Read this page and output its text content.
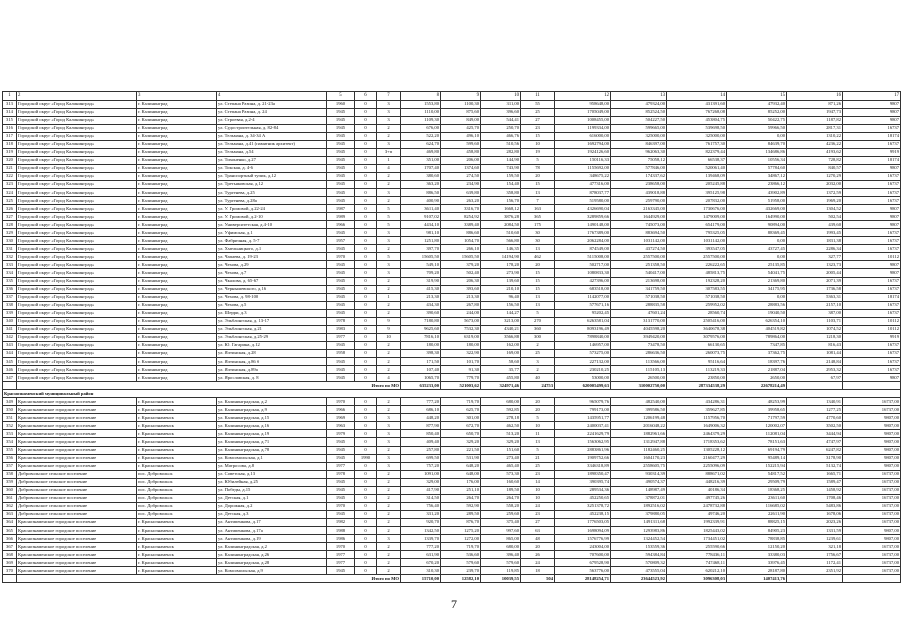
1	2	3	4	5	6	7	8	9	10	11	12	13	14	15	16	17
313	Городской округ «Город Калининград»	г. Калининград	ул. Степана Разина, д. 21-23а	1960	0	3	1553,80	1100,30	311,00	55	958648,00	479324,00	431391,60	47932,40	871,26	9807
314	Городской округ «Город Калининград»	г. Калининград	ул. Степана Разина, д. 24	1945	0	3	1110,00	875,60	396,60	25	1705049,00	852524,50	767268,08	85252,00	1947,73	9807
315	Городской округ «Город Калининград»	г. Калининград	ул. Строевая, д.2-4	1945	0	3	1109,30	849,00	544,41	27	1008455,00	504227,50	453804,75	50422,75	1187,82	9807
316	Городской округ «Город Калининград»	г. Калининград	ул. Судостроительная, д. 82-84	1945	0	2	676,00	425,70	250,70	23	1199334,00	599665,00	539698,50	59966,50	2817,31	16737
317	Городской округ «Город Калининград»	г. Калининград	ул. Тельмана, д. 34-34 А	1945	0	2	522,20	496,10	466,76	15	616000,00	325000,00	325000,00	0,00	1310,22	18174
318	Городской округ «Город Калининград»	г. Калининград	ул. Тельмана, д.41 (памятник архитект)	1945	0	3	624,70	599,60	510,56	10	1692794,00	846397,00	761757,30	84639,70	4236,22	16737
319	Городской округ «Город Калининград»	г. Калининград	ул. Тельмана, д.54	1945	0	3+п	469,80	458,80	282,80	19	1924126,60	962063,30	822379,44	134686,86	4193,62	9919
320	Городской округ «Город Калининград»	г. Калининград	ул. Тихоненко, д.27	1945	0	1	351,00	206,00	144,90	5	150116,33	75058,12	66538,37	10556,34	728,82	18174
321	Городской округ «Город Калининград»	г. Калининград	ул. Токская, д. 4-6	1945	0	4	1707,40	1374,60	743,90	78	1155692,00	577846,00	520061,40	57784,60	840,57	9807
322	Городской округ «Город Калининград»	г. Калининград	ул. Транспортный тупик, д.12	1945	0	2	380,60	274,50	159,50	20	348675,22	174337,62	139468,09	34867,12	1270,29	16737
323	Городской округ «Город Калининград»	г. Калининград	ул. Третьяковская, д.12	1945	0	2	363,20	234,90	154,40	15	477316,00	238658,00	205245,88	23866,12	2032,00	16737
324	Городской округ «Город Калининград»	г. Калининград	ул. Тургенева, д.25	1945	0	3	886,50	639,80	358,80	13	878037,77	439018,88	395125,98	43902,89	1372,59	16737
325	Городской округ «Город Калининград»	г. Калининград	ул. Тургенева, д.28а	1945	0	2	400,90	263,20	156,70	7	519580,00	259790,00	207832,00	51958,00	1969,20	16737
326	Городской округ «Город Калининград»	г. Калининград	ул. У. Громовой, д.22-24	1987	0	5	3611,40	3316,70	1668,12	163	4326690,04	2163345,00	1730676,00	432669,00	1304,52	9807
327	Городской округ «Город Калининград»	г. Калининград	ул. У. Громовой, д.2-10	1989	0	5	9107,02	8254,92	3876,28	365	3289859,66	1644929,00	1479009,00	164990,00	502,54	9807
328	Городской округ «Город Калининград»	г. Калининград	ул. Университетская, д.4-10	1966	0	5	4434,10	3389,40	2084,50	175	1490148,00	745073,00	654179,00	90894,00	439,60	9807
329	Городской округ «Город Калининград»	г. Калининград	ул. Уфимская, д.1	1945	0	3	981,10	886,60	510,60	30	1767389,00	883694,50	795325,05	88369,45	1993,45	16737
330	Городской округ «Город Калининград»	г. Калининград	ул. Фабричная, д. 5-7	1957	0	3	1251,80	1054,70	566,80	30	2062284,00	1031142,00	1031142,00	0,00	1831,38	16737
331	Городской округ «Город Калининград»	г. Калининград	ул. Хмельницкого, д.1	1945	0	2	397,70	266,10	146,35	13	874549,00	437274,50	393547,05	43727,45	2286,34	16737
332	Городской округ «Город Калининград»	г. Калининград	ул. Чапаева, д. 19-23	1970	0	5	15605,50	15605,50	14194,90	462	5115008,00	2557500,00	2557500,00	0,00	327,77	10112
333	Городской округ «Город Калининград»	г. Калининград	ул. Чехова, д.29	1945	0	3	549,10	379,20	178,20	20	502717,00	251358,50	226222,65	25135,85	1323,73	9807
334	Городской округ «Город Калининград»	г. Калининград	ул. Чехова, д.7	1945	0	3	709,20	502,40	273,90	15	1080833,30	540417,00	485813,75	54041,75	2005,44	9807
335	Городской округ «Город Калининград»	г. Калининград	ул. Чкалова, д. 65-67	1945	0	2	319,90	206,30	139,60	15	427396,00	213698,00	192328,20	21369,80	2071,39	16737
336	Городской округ «Город Калининград»	г. Калининград	ул. Чернышевского, д.16	1945	0	2	415,30	393,60	210,10	15	683518,00	341759,50	307583,55	34175,95	1736,58	16737
337	Городской округ «Город Калининград»	г. Калининград	ул. Чехова, д. 98-100	1945	0	1	213,30	213,30	96,40	13	1142077,00	571038,50	571038,50	0,00	5363,31	18174
338	Городской округ «Город Калининград»	г. Калининград	ул. Чехова, д.5	1945	0	2	434,30	267,80	156,50	13	577671,16	288835,58	259952,02	28883,56	2157,10	16737
339	Городской округ «Город Калининград»	г. Калининград	ул. Шерри, д.3	1945	0	2	390,60	244,00	144,27	5	95202,45	47601,24	28560,74	19040,50	387,00	16737
340	Городской округ «Город Калининград»	г. Калининград	ул. Эльблонгская, д. 13-17	1978	0	9	7180,80	5673,00	3213,00	270	6263581,04	3131770,00	2505416,00	626354,10	1103,71	10112
341	Городской округ «Город Калининград»	г. Калининград	ул. Эльблонгская, д.21	1983	0	9	9625,60	7532,30	4340,21	360	8093196,49	4045598,20	3640678,38	404519,82	1074,52	10112
342	Городской округ «Город Калининград»	г. Калининград	ул. Эльблонгская, д.25-29	1977	0	10	7816,10	6319,00	3566,88	300	7898840,00	3949420,00	3079576,00	789864,00	1218,30	9919
343	Городской округ «Город Калининград»	г. Калининград	ул. Ю. Гагарина, д.12	1945	0	2	180,00	180,00	162,00	2	146957,00	73478,50	66130,65	7347,85	816,43	16737
344	Городской округ «Город Калининград»	г. Калининград	ул. Ялтинская, д.28	1958	0	2	398,30	322,90	169,00	25	573275,00	286636,50	260073,75	37362,75	1081,44	16737
345	Городской округ «Город Калининград»	г. Калининград	ул. Ялтинская, д.86 б	1945	0	2	171,50	101,70	58,60	3	227132,00	113566,00	95116,64	18397,76	2148,84	16737
346	Городской округ «Город Калининград»	г. Калининград	ул. Ялтинская, д.89а	1945	0	2	107,40	91,30	35,77	2	230210,25	115105,13	113219,33	21887,04	2953,32	16737
347	Городской округ «Город Калининград»	г. Калининград	ул. Ярославская, д. 8	1945	0	4	1065,70	779,70	455,80	40	53000,00	26500,00	23850,00	2650,00	67,97	9807
	Итого по МО						635233,00	521003,62	324971,46	24753	620005499,63	310002750,00	287334538,29	22678214,49		
Краснознаменский муниципальный район																
349	Краснознаменское городское поселение	г. Краснознаменск	ул. Калининградская, д.2	1970	0	2	777,20	719,70	680,00	20	965079,76	482540,00	434286,31	48253,99	1340,91	16737,00
350	Краснознаменское городское поселение	г. Краснознаменск	ул. Калининградская, д.9	1966	0	2	686,10	625,70	592,85	20	799173,00	399586,50	359627,85	39958,65	1277,25	16737,00
351	Краснознаменское городское поселение	г. Краснознаменск	ул. Калининградская, д.15	1969	0	3	448,20	301,00	278,18	5	1435951,77	1206199,48	1157956,70	71797,59	4770,60	9807,00
352	Краснознаменское городское поселение	г. Краснознаменск	ул. Калининградская, д.16	1963	0	3	877,90	672,70	462,50	10	2400037,41	2016048,22	1649006,32	120002,07	3502,50	9807,00
353	Краснознаменское городское поселение	г. Краснознаменск	ул. Калининградская, д.19	1979	0	3	850,40	650,70	513,20	11	2241629,79	1882961,66	2464379,29	112081,04	3444,94	9807,00
354	Краснознаменское городское поселение	г. Краснознаменск	ул. Калининградская, д.71	1945	0	3	409,40	329,20	329,20	13	1563062,95	1312947,88	1718353,62	78151,63	4747,97	9807,00
355	Краснознаменское городское поселение	г. Краснознаменск	ул. Калининградская, д.78	1945	0	2	257,80	221,50	151,60	5	2883861,96	1182460,25	1305228,12	69194,79	6247,82	9807,00
356	Краснознаменское городское поселение	г. Краснознаменск	ул. Комсомольская, д.1	1945	1990	3	699,50	531,90	273,40	21	1909752,66	1604170,23	2160477,29	95489,14	3178,90	9807,00
357	Краснознаменское городское поселение	г. Краснознаменск	ул. Матросова, д.8	1977	0	3	757,20	648,20	465,40	25	3346318,89	2558605,75	2255096,09	152215,94	5132,74	9807,00
358	Добровольское сельское поселение	пос. Добровольск	ул. Советская, д.13	1978	0	2	1091,00	648,00	573,30	23	1898350,47	930314,39	888671,02	54817,52	1665,71	16737,00
359	Добровольское сельское поселение	пос. Добровольск	ул. Юбилейная, д.25	1945	0	2	329,00	176,00	160,60	14	390395,74	490574,37	448216,39	29509,79	1589,47	16737,00
360	Добровольское сельское поселение	пос. Добровольск	ул. Победы, д.15	1945	0	2	417,90	251,10	189,50	10	289534,36	148987,49	40186,34	18368,25	1458,92	16737,00
361	Добровольское сельское поселение	пос. Добровольск	ул. Детская, д.1	1945	0	2	314,50	264,70	264,70	10	452250,65	378872,01	497745,26	23611,60	1708,46	16737,00
362	Добровольское сельское поселение	пос. Добровольск	ул. Дорожная, д.2	1970	0	2	756,40	592,90	558,20	24	3251378,72	1892516,02	2478732,88	116685,02	5483,86	16737,00
363	Добровольское сельское поселение	пос. Добровольск	ул. Детская, д.3	1945	0	2	331,20	289,50	259,60	23	452238,15	379880,05	49746,20	22611,90	1678,06	16737,00
364	Краснознаменское городское поселение	г. Краснознаменск	ул. Антипенкова, д.17	1982	0	2	920,70	876,70	375,40	27	1776503,05	1491311,68	1992339,91	88825,15	2023,26	16737,00
365	Краснознаменское городское поселение	г. Краснознаменск	ул. Антипенкова, д.17а	1988	0	2	1342,50	1275,20	997,60	63	1698094,09	1293983,86	1825443,02	84905,23	1331,59	9807,00
366	Краснознаменское городское поселение	г. Краснознаменск	ул. Антипенкова, д.19	1986	0	3	1339,70	1272,00	865,00	48	1576776,99	1324452,54	1734451,02	78838,85	1239,61	9807,00
367	Краснознаменское городское поселение	г. Краснознаменск	ул. Калининградская, д.2	1970	0	2	777,20	719,70	680,00	20	243004,00	153559,36	255590,66	12150,20	321,18	16737,00
368	Краснознаменское городское поселение	г. Краснознаменск	ул. Калининградская, д.26	1977	0	2	631,90	536,60	396,40	26	707600,00	594384,84	778436,11	33380,03	1756,67	16737,00
369	Краснознаменское городское поселение	г. Краснознаменск	ул. Калининградская, д.28	1977	0	2	670,20	579,60	579,60	24	679528,90	570809,32	747468,11	33976,45	1172,41	16737,00
370	Краснознаменское городское поселение	г. Краснознаменск	ул. Комсомольская, д.9	1945	0	2	310,30	239,70	119,85	18	563776,00	473555,04	620212,10	28187,80	2351,92	16737,00
	Итого по МО						15710,00	12582,10	10039,55	504	28148254,71	23644523,92	3096308,03	1407413,76		
7
